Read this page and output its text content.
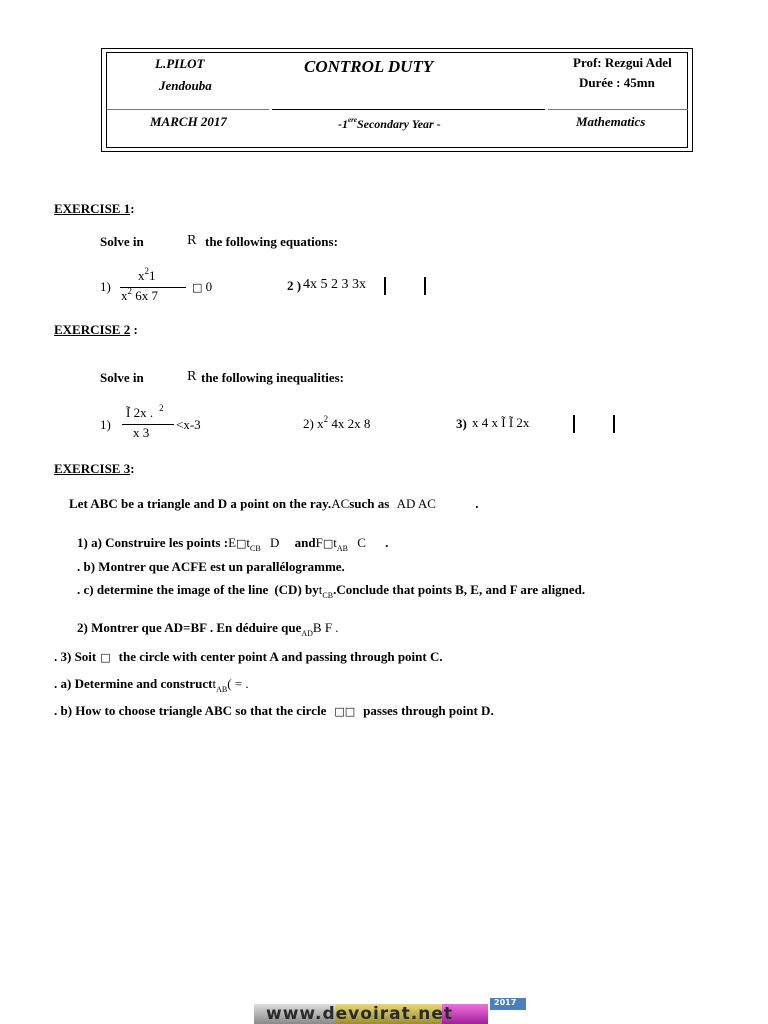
L.PILOT
Jendouba
CONTROL DUTY	Prof: Rezgui Adel
Durée : 45mn
MARCH 2017	-1ereSecondary Year -	Mathematics
EXERCISE 1:
Solve in	R the following equations:
1)
$x^21$
$x^2$ 6x 7
□ 0	2 ) 4x 5 2 3 3x
EXERCISE 2 :
Solve in	R the following inequalities:
1)
Ĩ 2x . $^2$
x 3
<x-3	2) $x^2$ 4x 2x 8	3) x 4 x Ĩ Ĩ 2x
EXERCISE 3:
Let ABC be a triangle and D a point on the ray.ACsuch as AD AC	.
1) a) Construire les points $:E□t_{CB}$ D $andF□t_{AB}$ C .
. b) Montrer que ACFE est un parallélogramme.
. c) determine the image of the line (CD) byt$_{CB}$.Conclude that points B, E, and F are aligned.
2) Montrer que AD=BF . En déduire que$_{AD}$B F .
. 3) Soit □ the circle with center point A and passing through point C.
. a) Determine and constructt$_{AB}$( = .
. b) How to choose triangle ABC so that the circle □□ passes through point D.
www.devoirat.net
2017
